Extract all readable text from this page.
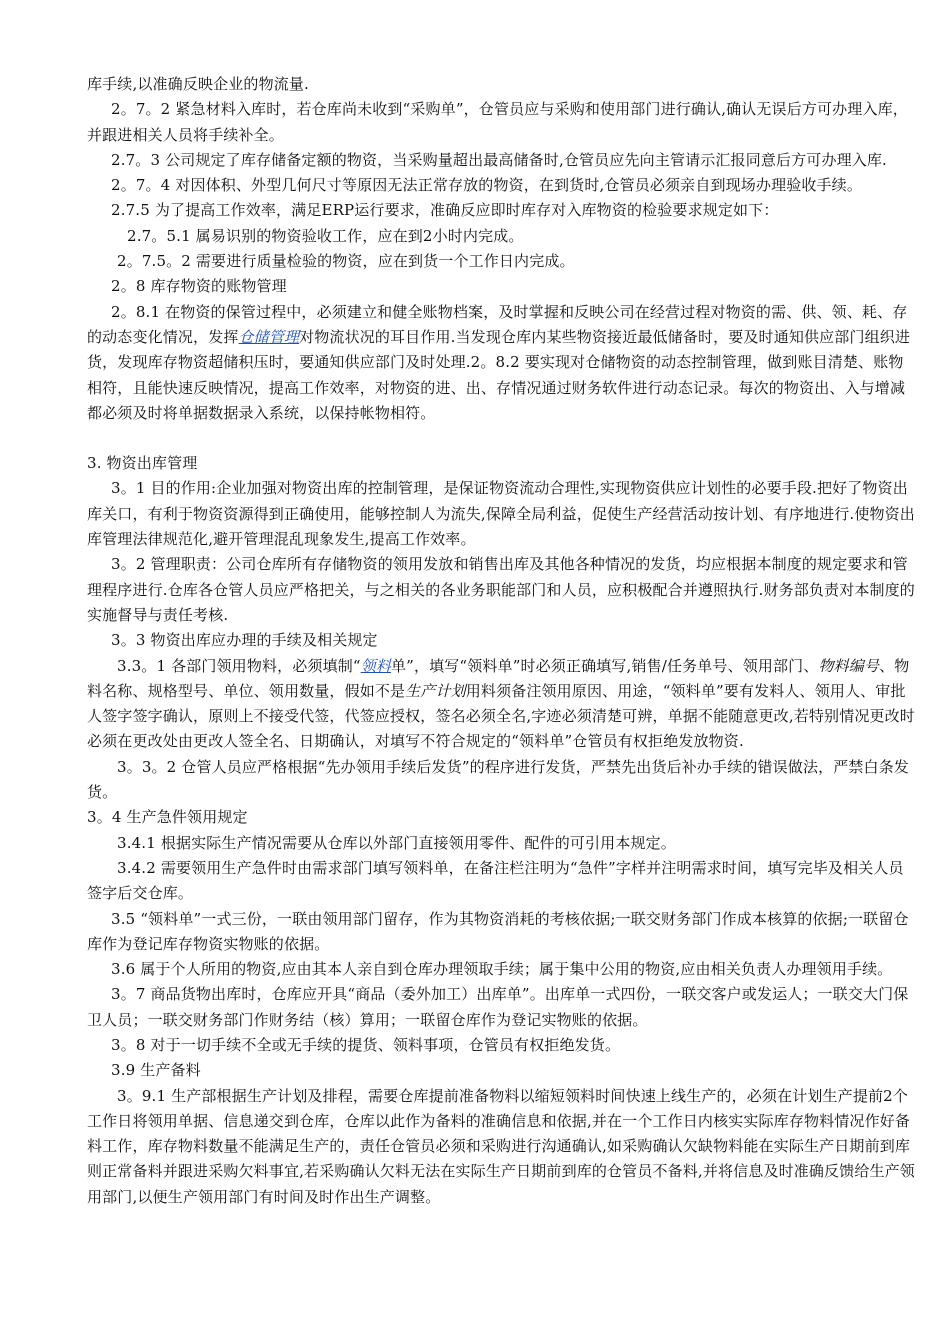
库手续,以准确反映企业的物流量.

2。7。2 紧急材料入库时，若仓库尚未收到“采购单”，仓管员应与采购和使用部门进行确认,确认无误后方可办理入库，并跟进相关人员将手续补全。

2.7。3 公司规定了库存储备定额的物资，当采购量超出最高储备时,仓管员应先向主管请示汇报同意后方可办理入库.

2。7。4 对因体积、外型几何尺寸等原因无法正常存放的物资，在到货时,仓管员必须亲自到现场办理验收手续。

2.7.5 为了提高工作效率，满足ERP运行要求，准确反应即时库存对入库物资的检验要求规定如下：

2.7。5.1 属易识别的物资验收工作，应在到2小时内完成。

2。7.5。2 需要进行质量检验的物资，应在到货一个工作日内完成。

2。8 库存物资的账物管理

2。8.1 在物资的保管过程中，必须建立和健全账物档案，及时掌握和反映公司在经营过程对物资的需、供、领、耗、存的动态变化情况，发挥仓储管理对物流状况的耳目作用.当发现仓库内某些物资接近最低储备时，要及时通知供应部门组织进货，发现库存物资超储积压时，要通知供应部门及时处理.2。8.2 要实现对仓储物资的动态控制管理，做到账目清楚、账物相符，且能快速反映情况，提高工作效率，对物资的进、出、存情况通过财务软件进行动态记录。每次的物资出、入与增减都必须及时将单据数据录入系统，以保持帐物相符。

3. 物资出库管理

3。1 目的作用:企业加强对物资出库的控制管理，是保证物资流动合理性,实现物资供应计划性的必要手段.把好了物资出库关口，有利于物资资源得到正确使用，能够控制人为流失,保障全局利益，促使生产经营活动按计划、有序地进行.使物资出库管理法律规范化,避开管理混乱现象发生,提高工作效率。

3。2 管理职责：公司仓库所有存储物资的领用发放和销售出库及其他各种情况的发货，均应根据本制度的规定要求和管理程序进行.仓库各仓管人员应严格把关，与之相关的各业务职能部门和人员，应积极配合并遵照执行.财务部负责对本制度的实施督导与责任考核.

3。3 物资出库应办理的手续及相关规定

3.3。1 各部门领用物料，必须填制“领料单”，填写“领料单”时必须正确填写,销售/任务单号、领用部门、物料编号、物料名称、规格型号、单位、领用数量，假如不是生产计划用料须备注领用原因、用途，“领料单”要有发料人、领用人、审批人签字签字确认，原则上不接受代签，代签应授权，签名必须全名,字迹必须清楚可辨，单据不能随意更改,若特别情况更改时必须在更改处由更改人签全名、日期确认，对填写不符合规定的“领料单”仓管员有权拒绝发放物资.

3。3。2 仓管人员应严格根据“先办领用手续后发货”的程序进行发货，严禁先出货后补办手续的错误做法，严禁白条发货。

3。4 生产急件领用规定

3.4.1 根据实际生产情况需要从仓库以外部门直接领用零件、配件的可引用本规定。

3.4.2 需要领用生产急件时由需求部门填写领料单，在备注栏注明为“急件”字样并注明需求时间，填写完毕及相关人员签字后交仓库。

3.5 “领料单”一式三份，一联由领用部门留存，作为其物资消耗的考核依据;一联交财务部门作成本核算的依据;一联留仓库作为登记库存物资实物账的依据。

3.6 属于个人所用的物资,应由其本人亲自到仓库办理领取手续；属于集中公用的物资,应由相关负责人办理领用手续。

3。7 商品货物出库时，仓库应开具“商品（委外加工）出库单”。出库单一式四份，一联交客户或发运人；一联交大门保卫人员；一联交财务部门作财务结（核）算用；一联留仓库作为登记实物账的依据。

3。8 对于一切手续不全或无手续的提货、领料事项，仓管员有权拒绝发货。

3.9 生产备料

3。9.1 生产部根据生产计划及排程，需要仓库提前准备物料以缩短领料时间快速上线生产的，必须在计划生产提前2个工作日将领用单据、信息递交到仓库，仓库以此作为备料的准确信息和依据,并在一个工作日内核实实际库存物料情况作好备料工作，库存物料数量不能满足生产的，责任仓管员必须和采购进行沟通确认,如采购确认欠缺物料能在实际生产日期前到库则正常备料并跟进采购欠料事宜,若采购确认欠料无法在实际生产日期前到库的仓管员不备料,并将信息及时准确反馈给生产领用部门,以便生产领用部门有时间及时作出生产调整。
